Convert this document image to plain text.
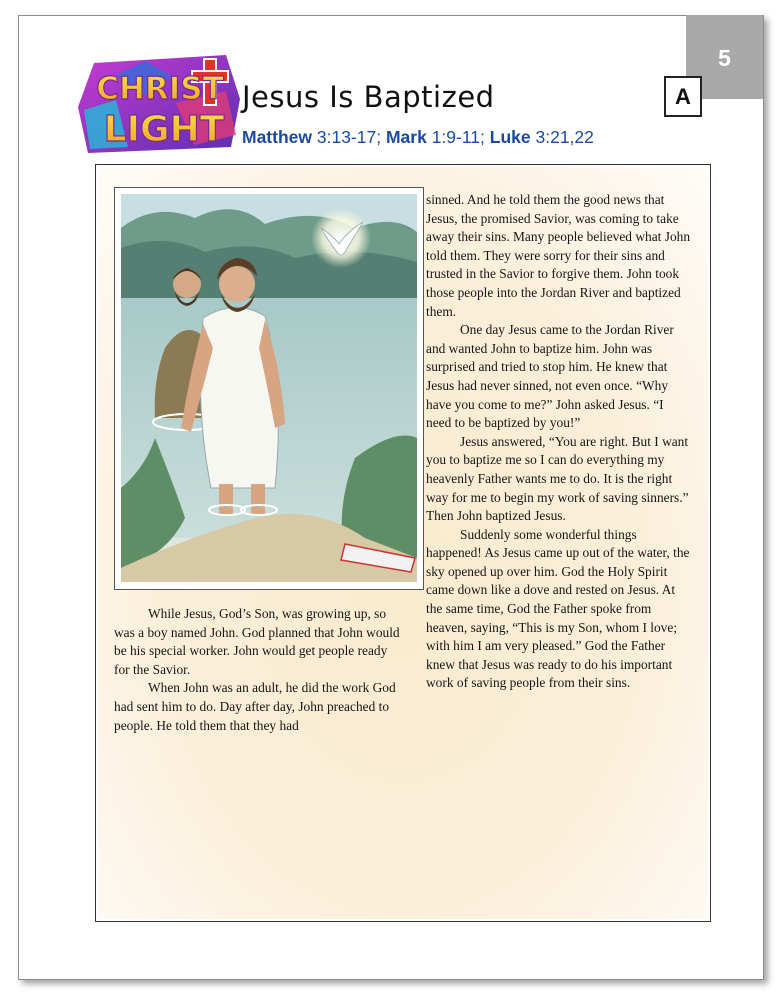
5
A
CHRIST
LIGHT
Jesus Is Baptized
Matthew 3:13-17; Mark 1:9-11; Luke 3:21,22

While Jesus, God’s Son, was growing up, so was a boy named John. God planned that John would be his special worker. John would get people ready for the Savior.

When John was an adult, he did the work God had sent him to do. Day after day, John preached to people. He told them that they had

sinned. And he told them the good news that Jesus, the promised Savior, was coming to take away their sins. Many people believed what John told them. They were sorry for their sins and trusted in the Savior to forgive them. John took those people into the Jordan River and baptized them.

One day Jesus came to the Jordan River and wanted John to baptize him. John was surprised and tried to stop him. He knew that Jesus had never sinned, not even once. “Why have you come to me?” John asked Jesus. “I need to be baptized by you!”

Jesus answered, “You are right. But I want you to baptize me so I can do everything my heavenly Father wants me to do. It is the right way for me to begin my work of saving sinners.” Then John baptized Jesus.

Suddenly some wonderful things happened! As Jesus came up out of the water, the sky opened up over him. God the Holy Spirit came down like a dove and rested on Jesus. At the same time, God the Father spoke from heaven, saying, “This is my Son, whom I love; with him I am very pleased.” God the Father knew that Jesus was ready to do his important work of saving people from their sins.
